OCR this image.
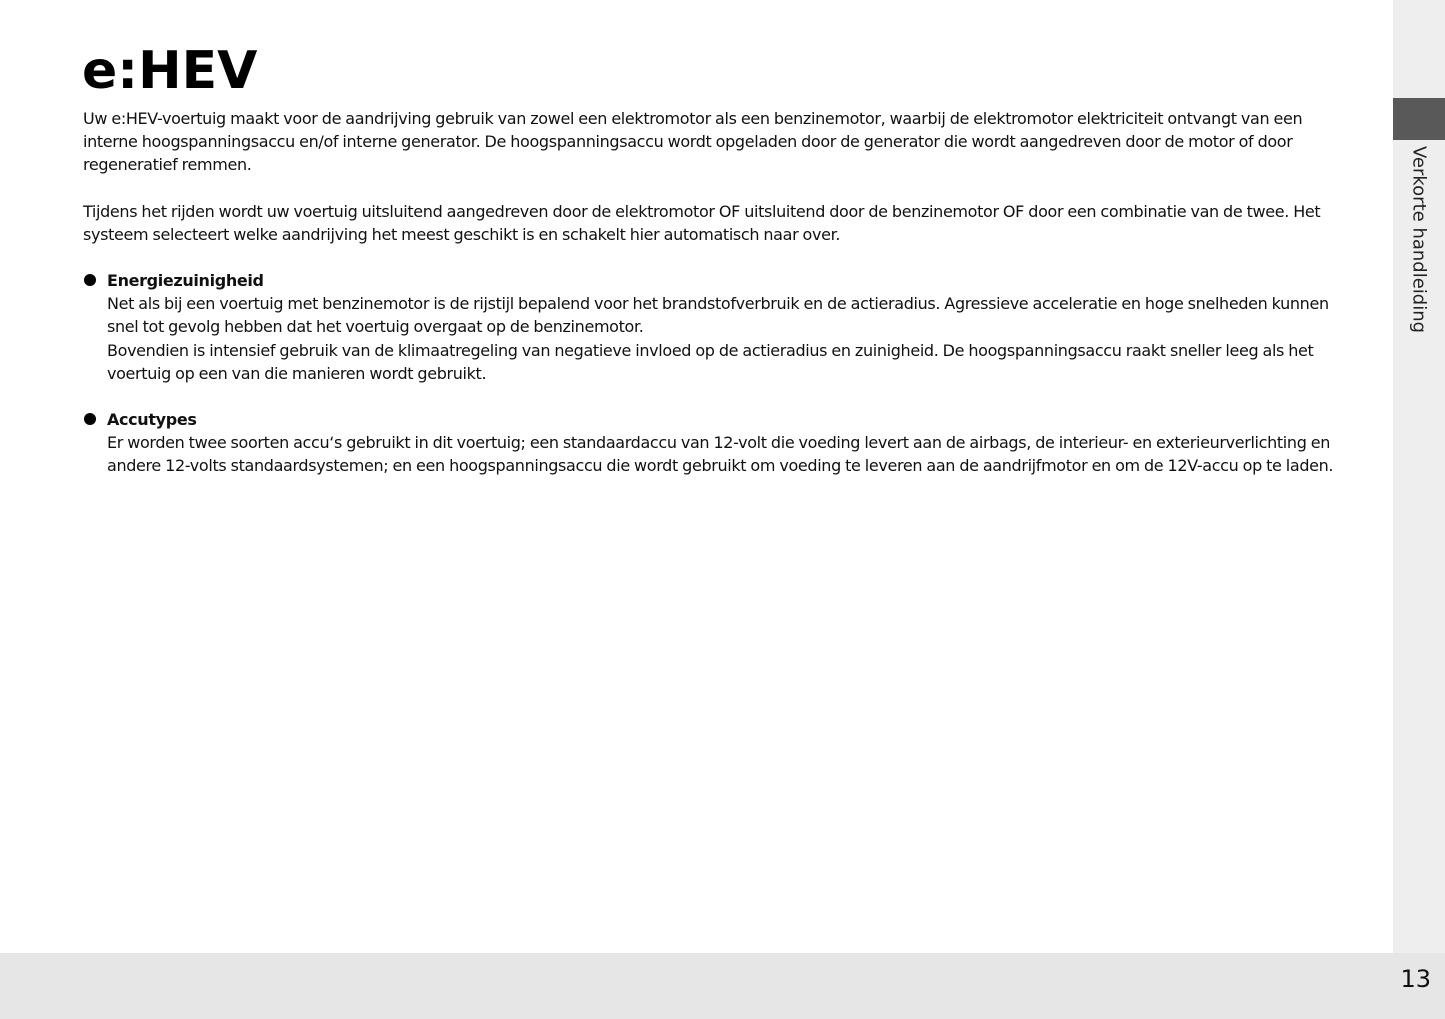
e:HEV

Uw e:HEV-voertuig maakt voor de aandrijving gebruik van zowel een elektromotor als een benzinemotor, waarbij de elektromotor elektriciteit ontvangt van een interne hoogspanningsaccu en/of interne generator. De hoogspanningsaccu wordt opgeladen door de generator die wordt aangedreven door de motor of door regeneratief remmen.

Tijdens het rijden wordt uw voertuig uitsluitend aangedreven door de elektromotor OF uitsluitend door de benzinemotor OF door een combinatie van de twee. Het systeem selecteert welke aandrijving het meest geschikt is en schakelt hier automatisch naar over.

Energiezuinigheid

Net als bij een voertuig met benzinemotor is de rijstijl bepalend voor het brandstofverbruik en de actieradius. Agressieve acceleratie en hoge snelheden kunnen snel tot gevolg hebben dat het voertuig overgaat op de benzinemotor.

Bovendien is intensief gebruik van de klimaatregeling van negatieve invloed op de actieradius en zuinigheid. De hoogspanningsaccu raakt sneller leeg als het voertuig op een van die manieren wordt gebruikt.

Accutypes

Er worden twee soorten accu‘s gebruikt in dit voertuig; een standaardaccu van 12-volt die voeding levert aan de airbags, de interieur- en exterieurverlichting en andere 12-volts standaardsystemen; en een hoogspanningsaccu die wordt gebruikt om voeding te leveren aan de aandrijfmotor en om de 12V-accu op te laden.

Verkorte handleiding
13
